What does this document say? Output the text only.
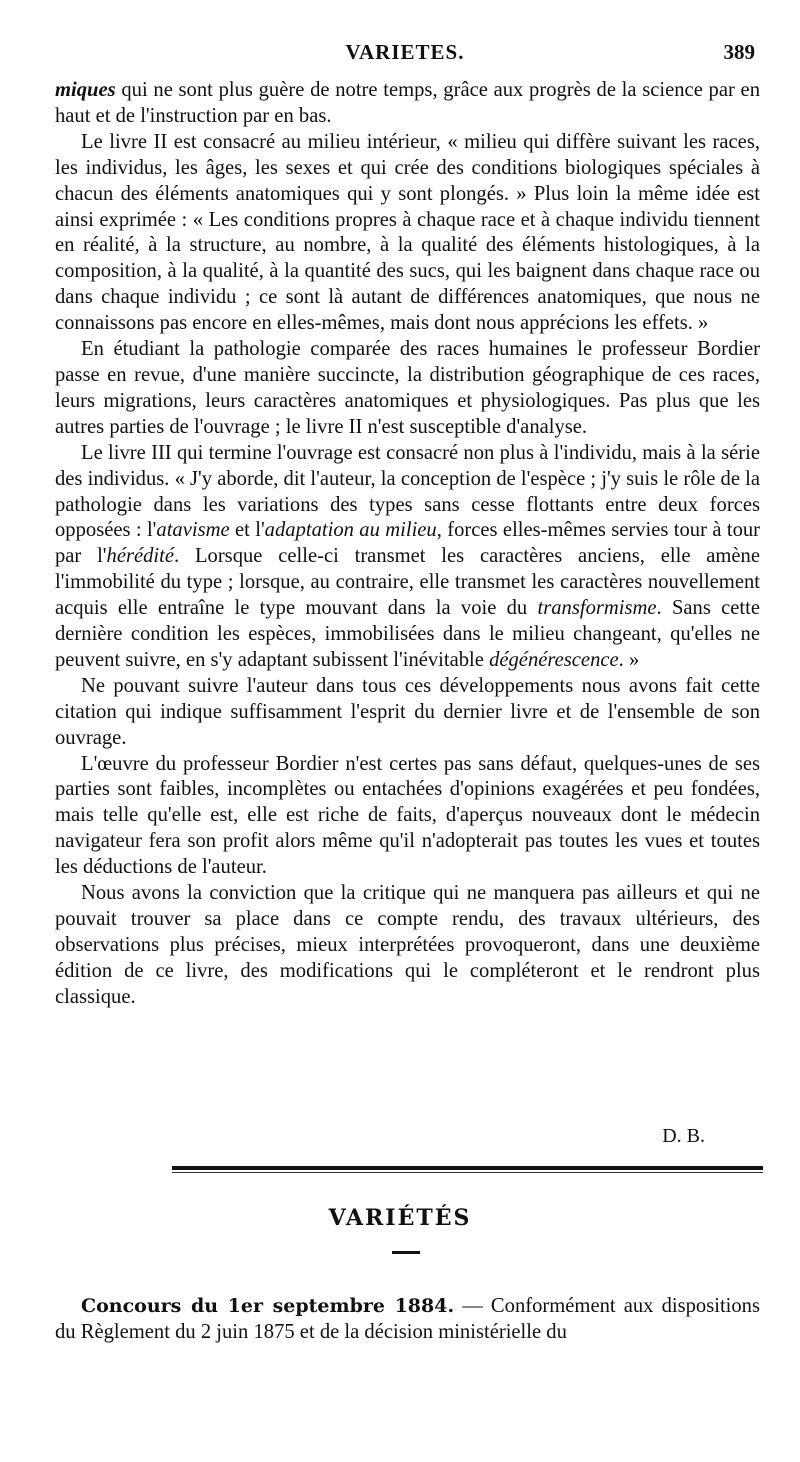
VARIETES.	389

miques qui ne sont plus guère de notre temps, grâce aux progrès de la science par en haut et de l'instruction par en bas.

Le livre II est consacré au milieu intérieur, « milieu qui diffère suivant les races, les individus, les âges, les sexes et qui crée des conditions biologiques spéciales à chacun des éléments anatomiques qui y sont plongés. » Plus loin la même idée est ainsi exprimée : « Les conditions propres à chaque race et à chaque individu tiennent en réalité, à la structure, au nombre, à la qualité des éléments histologiques, à la composition, à la qualité, à la quantité des sucs, qui les baignent dans chaque race ou dans chaque individu ; ce sont là autant de différences anatomiques, que nous ne connaissons pas encore en elles-mêmes, mais dont nous apprécions les effets. »

En étudiant la pathologie comparée des races humaines le professeur Bordier passe en revue, d'une manière succincte, la distribution géographique de ces races, leurs migrations, leurs caractères anatomiques et physiologiques. Pas plus que les autres parties de l'ouvrage ; le livre II n'est susceptible d'analyse.

Le livre III qui termine l'ouvrage est consacré non plus à l'individu, mais à la série des individus. « J'y aborde, dit l'auteur, la conception de l'espèce ; j'y suis le rôle de la pathologie dans les variations des types sans cesse flottants entre deux forces opposées : l'atavisme et l'adaptation au milieu, forces elles-mêmes servies tour à tour par l'hérédité. Lorsque celle-ci transmet les caractères anciens, elle amène l'immobilité du type ; lorsque, au contraire, elle transmet les caractères nouvellement acquis elle entraîne le type mouvant dans la voie du transformisme. Sans cette dernière condition les espèces, immobilisées dans le milieu changeant, qu'elles ne peuvent suivre, en s'y adaptant subissent l'inévitable dégénérescence. »

Ne pouvant suivre l'auteur dans tous ces développements nous avons fait cette citation qui indique suffisamment l'esprit du dernier livre et de l'ensemble de son ouvrage.

L'œuvre du professeur Bordier n'est certes pas sans défaut, quelques-unes de ses parties sont faibles, incomplètes ou entachées d'opinions exagérées et peu fondées, mais telle qu'elle est, elle est riche de faits, d'aperçus nouveaux dont le médecin navigateur fera son profit alors même qu'il n'adopterait pas toutes les vues et toutes les déductions de l'auteur.

Nous avons la conviction que la critique qui ne manquera pas ailleurs et qui ne pouvait trouver sa place dans ce compte rendu, des travaux ultérieurs, des observations plus précises, mieux interprétées provoqueront, dans une deuxième édition de ce livre, des modifications qui le compléteront et le rendront plus classique.

D. B.
VARIÉTÉS

Concours du 1er septembre 1884. — Conformément aux dispositions du Règlement du 2 juin 1875 et de la décision ministérielle du
